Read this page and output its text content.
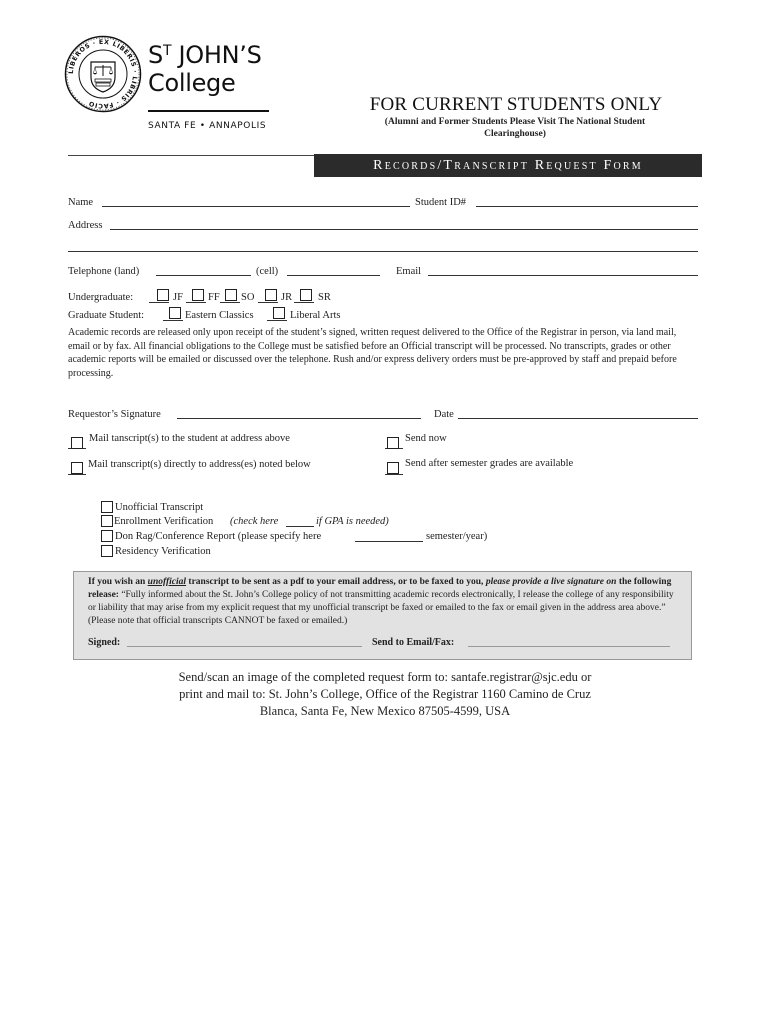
LIBEROS · EX LIBERIS · LIBRIS · FACIO
$S^T$ JOHN’S
College
SANTA FE • ANNAPOLIS
FOR CURRENT STUDENTS ONLY
(Alumni and Former Students Please Visit The National Student Clearinghouse)
Records/Transcript Request Form
Name	Student ID#
Address
Telephone (land)	(cell)	Email
Undergraduate:	JF FF SO	JR SR
Graduate Student:	Eastern Classics	Liberal Arts
Academic records are released only upon receipt of the student’s signed, written request delivered to the Office of the Registrar in person, via land mail, email or by fax. All financial obligations to the College must be satisfied before an Official transcript will be processed. No transcripts, grades or other academic reports will be emailed or discussed over the telephone. Rush and/or express delivery orders must be pre-approved by staff and prepaid before processing.
Requestor’s Signature	Date
Mail tanscript(s) to the student at address above	Send now
Mail transcript(s) directly to address(es) noted below	Send after semester grades are available
Unofficial Transcript
Enrollment Verification (check here	if GPA is needed)
Don Rag/Conference Report (please specify here	semester/year)
Residency Verification
If you wish an unofficial transcript to be sent as a pdf to your email address, or to be faxed to you, please provide a live signature on the following release: “Fully informed about the St. John’s College policy of not transmitting academic records electronically, I release the college of any responsibility or liability that may arise from my explicit request that my unofficial transcript be faxed or emailed to the fax or email given in the address area above.” (Please note that official transcripts CANNOT be faxed or emailed.)
Signed:	Send to Email/Fax:
Send/scan an image of the completed request form to: santafe.registrar@sjc.edu or
print and mail to: St. John’s College, Office of the Registrar 1160 Camino de Cruz
Blanca, Santa Fe, New Mexico 87505-4599, USA
